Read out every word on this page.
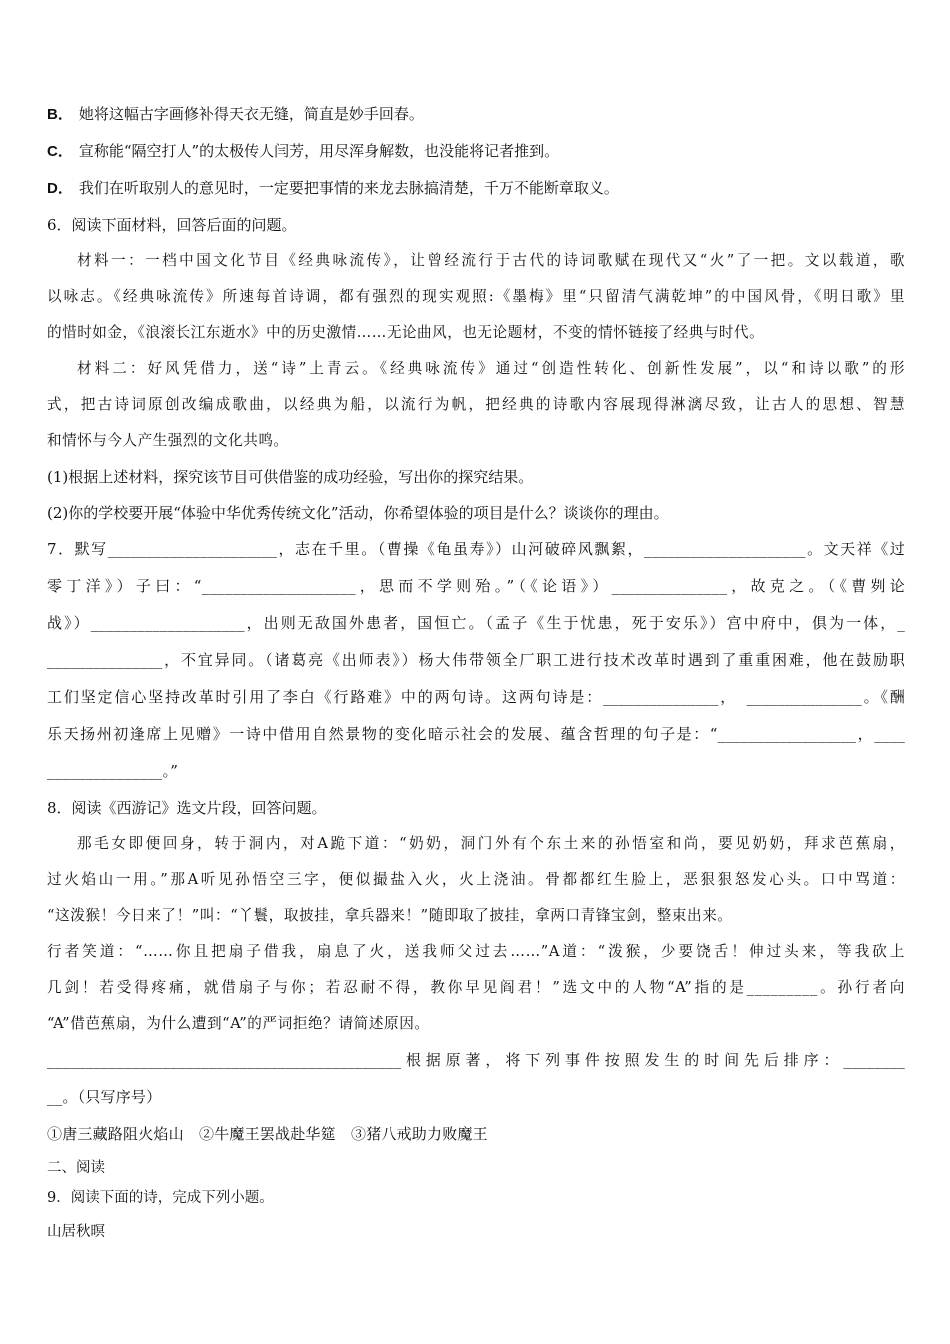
B． 她将这幅古字画修补得天衣无缝，简直是妙手回春。

C． 宣称能“隔空打人”的太极传人闫芳，用尽浑身解数，也没能将记者推到。

D． 我们在听取别人的意见时，一定要把事情的来龙去脉搞清楚，千万不能断章取义。

6．阅读下面材料，回答后面的问题。

材料一：一档中国文化节目《经典咏流传》，让曾经流行于古代的诗词歌赋在现代又“火”了一把。文以载道，歌

以咏志。《经典咏流传》所速每首诗调，都有强烈的现实观照:《墨梅》里“只留清气满乾坤”的中国风骨，《明日歌》里

的惜时如金，《浪滚长江东逝水》中的历史激情……无论曲风，也无论题材，不变的情怀链接了经典与时代。

材料二：好风凭借力，送“诗”上青云。《经典咏流传》通过“创造性转化、创新性发展”，以“和诗以歌”的形

式，把古诗词原创改编成歌曲，以经典为船，以流行为帆，把经典的诗歌内容展现得淋漓尽致，让古人的思想、智慧

和情怀与今人产生强烈的文化共鸣。

(1)根据上述材料，探究该节目可供借鉴的成功经验，写出你的探究结果。

(2)你的学校要开展“体验中华优秀传统文化”活动，你希望体验的项目是什么？谈谈你的理由。

7．默写______________________，志在千里。（曹操《龟虽寿》）山河破碎风飘絮，_____________________。文天祥《过

零丁洋》）子曰：“____________________，思而不学则殆。”（《论语》）_______________，故克之。（《曹刿论

战》）____________________，出则无敌国外患者，国恒亡。（孟子《生于忧患，死于安乐》）宫中府中，俱为一体，_

_______________，不宜异同。（诸葛亮《出师表》）杨大伟带领全厂职工进行技术改革时遇到了重重困难，他在鼓励职

工们坚定信心坚持改革时引用了李白《行路难》中的两句诗。这两句诗是：_______________，　_______________。《酬

乐天扬州初逢席上见赠》一诗中借用自然景物的变化暗示社会的发展、蕴含哲理的句子是：“__________________，____

_______________。”

8．阅读《西游记》选文片段，回答问题。

那毛女即便回身，转于洞内，对A跪下道：“奶奶，洞门外有个东土来的孙悟室和尚，要见奶奶，拜求芭蕉扇，

过火焰山一用。”那A听见孙悟空三字，便似撮盐入火，火上浇油。骨都都红生脸上，恶狠狠怒发心头。口中骂道：

“这泼猴！今日来了！”叫：“丫鬟，取披挂，拿兵器来！”随即取了披挂，拿两口青锋宝剑，整束出来。

行者笑道：“……你且把扇子借我，扇息了火，送我师父过去……”A道：“泼猴，少要饶舌！伸过头来，等我砍上

几剑！若受得疼痛，就借扇子与你；若忍耐不得，教你早见阎君！”选文中的人物“A”指的是_________。孙行者向

“A”借芭蕉扇，为什么遭到“A”的严词拒绝？请简述原因。

______________________________________________根据原著，将下列事件按照发生的时间先后排序：________

__。（只写序号）

①唐三藏路阻火焰山　②牛魔王罢战赴华筵　③猪八戒助力败魔王

二、阅读

9．阅读下面的诗，完成下列小题。

山居秋暝
